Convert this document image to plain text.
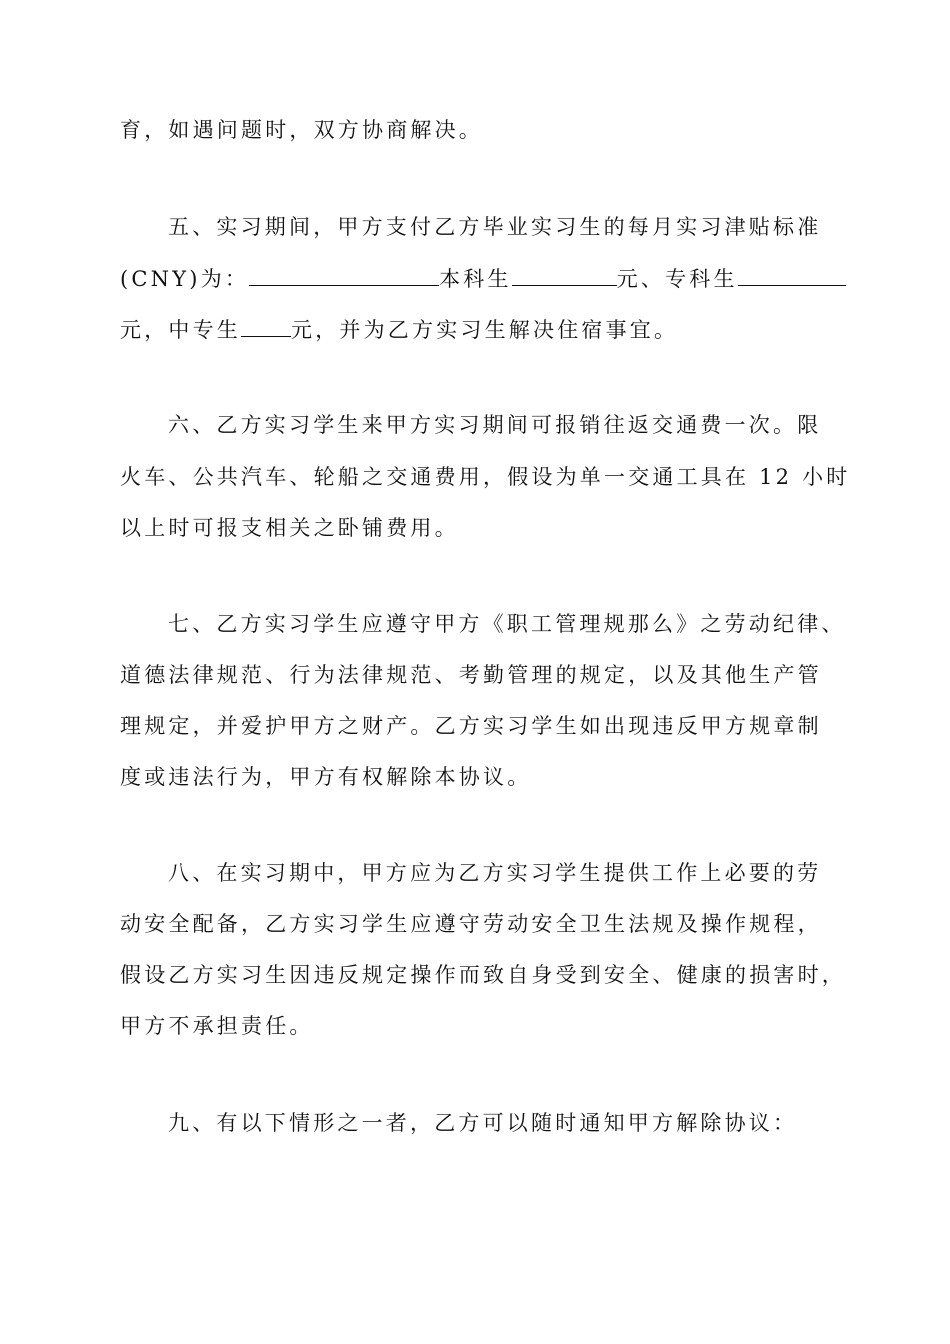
育，如遇问题时，双方协商解决。
五、实习期间，甲方支付乙方毕业实习生的每月实习津贴标准
(CNY)为：	本科生	元、专科生
元，中专生 元，并为乙方实习生解决住宿事宜。
六、乙方实习学生来甲方实习期间可报销往返交通费一次。限
火车、公共汽车、轮船之交通费用，假设为单一交通工具在 12 小时
以上时可报支相关之卧铺费用。
七、乙方实习学生应遵守甲方《职工管理规那么》之劳动纪律、
道德法律规范、行为法律规范、考勤管理的规定，以及其他生产管
理规定，并爱护甲方之财产。乙方实习学生如出现违反甲方规章制
度或违法行为，甲方有权解除本协议。
八、在实习期中，甲方应为乙方实习学生提供工作上必要的劳
动安全配备，乙方实习学生应遵守劳动安全卫生法规及操作规程，
假设乙方实习生因违反规定操作而致自身受到安全、健康的损害时，
甲方不承担责任。
九、有以下情形之一者，乙方可以随时通知甲方解除协议：
